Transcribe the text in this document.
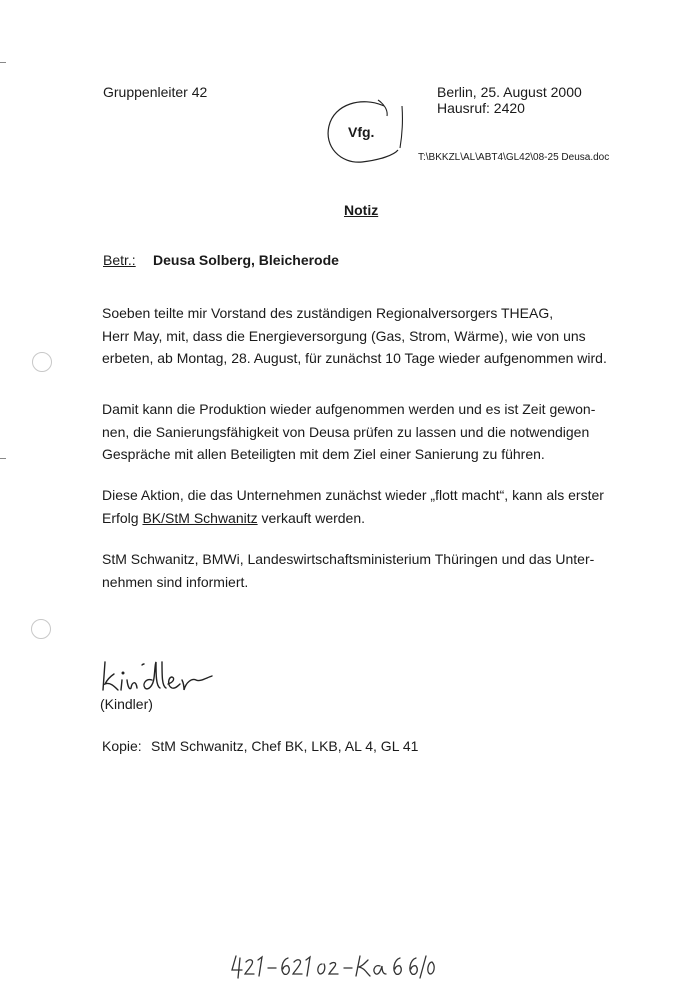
Gruppenleiter 42	Berlin, 25. August 2000
Hausruf: 2420
T:\BKKZL\AL\ABT4\GL42\08-25 Deusa.doc
Vfg.
Notiz
Betr.: Deusa Solberg, Bleicherode
Soeben teilte mir Vorstand des zuständigen Regionalversorgers THEAG,
Herr May, mit, dass die Energieversorgung (Gas, Strom, Wärme), wie von uns
erbeten, ab Montag, 28. August, für zunächst 10 Tage wieder aufgenommen wird.
Damit kann die Produktion wieder aufgenommen werden und es ist Zeit gewon-
nen, die Sanierungsfähigkeit von Deusa prüfen zu lassen und die notwendigen
Gespräche mit allen Beteiligten mit dem Ziel einer Sanierung zu führen.
Diese Aktion, die das Unternehmen zunächst wieder „flott macht“, kann als erster
Erfolg BK/StM Schwanitz verkauft werden.
StM Schwanitz, BMWi, Landeswirtschaftsministerium Thüringen und das Unter-
nehmen sind informiert.
(Kindler)
Kopie: StM Schwanitz, Chef BK, LKB, AL 4, GL 41
